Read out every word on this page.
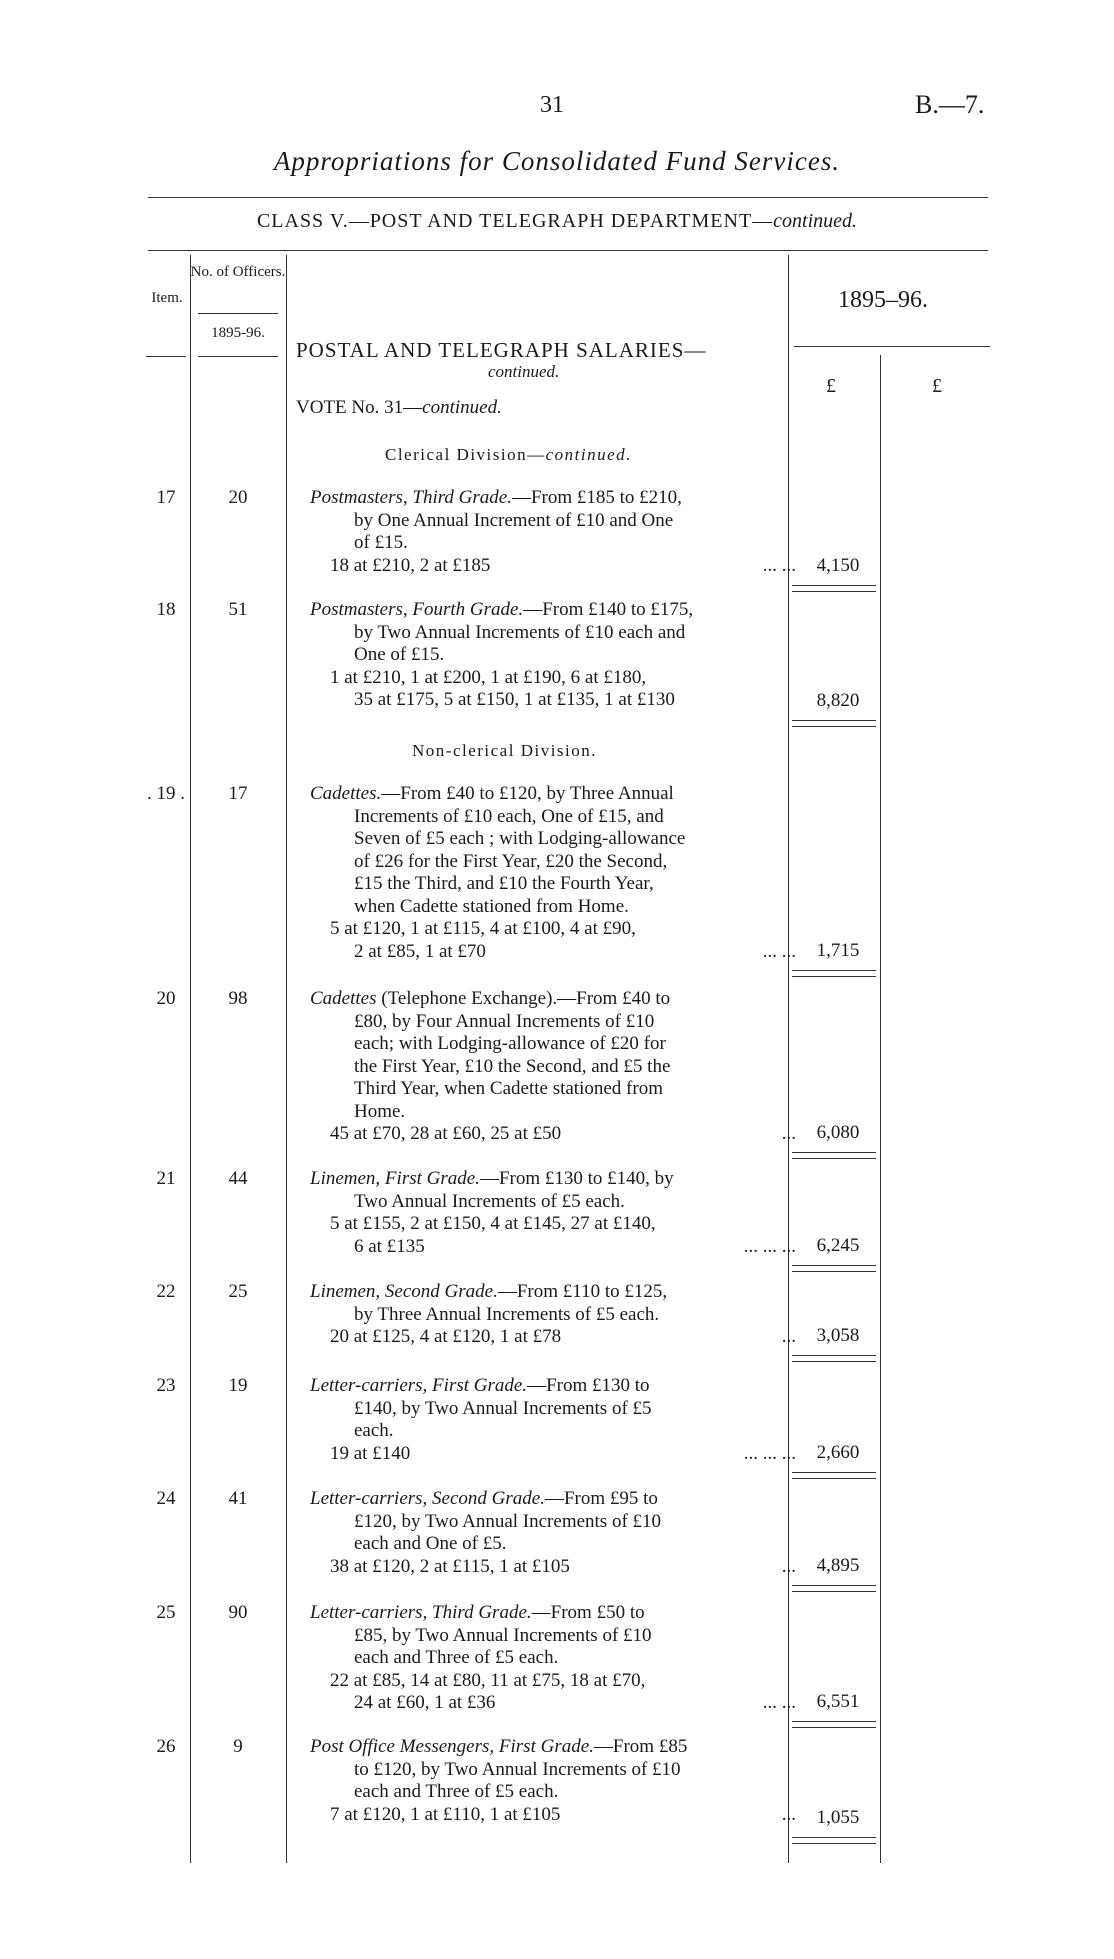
31	B.—7.
Appropriations for Consolidated Fund Services.
CLASS V.—POST AND TELEGRAPH DEPARTMENT—continued.
Item.
No. of Officers.
1895-96.
1895–96.
£	£
POSTAL AND TELEGRAPH SALARIES—
continued.
VOTE No. 31—continued.
Clerical Division—continued.
Non-clerical Division.
17	20	Postmasters, Third Grade.—From £185 to £210,
by One Annual Increment of £10 and One
of £15.
18 at £210, 2 at £185	... ...	4,150
18	51	Postmasters, Fourth Grade.—From £140 to £175,
by Two Annual Increments of £10 each and
One of £15.
1 at £210, 1 at £200, 1 at £190, 6 at £180,
35 at £175, 5 at £150, 1 at £135, 1 at £130	8,820
. 19 .	17	Cadettes.—From £40 to £120, by Three Annual
Increments of £10 each, One of £15, and
Seven of £5 each ; with Lodging-allowance
of £26 for the First Year, £20 the Second,
£15 the Third, and £10 the Fourth Year,
when Cadette stationed from Home.
5 at £120, 1 at £115, 4 at £100, 4 at £90,
2 at £85, 1 at £70	... ...	1,715
20	98	Cadettes (Telephone Exchange).—From £40 to
£80, by Four Annual Increments of £10
each; with Lodging-allowance of £20 for
the First Year, £10 the Second, and £5 the
Third Year, when Cadette stationed from
Home.
45 at £70, 28 at £60, 25 at £50	...	6,080
21	44	Linemen, First Grade.—From £130 to £140, by
Two Annual Increments of £5 each.
5 at £155, 2 at £150, 4 at £145, 27 at £140,
6 at £135	... ... ...	6,245
22	25	Linemen, Second Grade.—From £110 to £125,
by Three Annual Increments of £5 each.
20 at £125, 4 at £120, 1 at £78	...	3,058
23	19	Letter-carriers, First Grade.—From £130 to
£140, by Two Annual Increments of £5
each.
19 at £140	... ... ...	2,660
24	41	Letter-carriers, Second Grade.—From £95 to
£120, by Two Annual Increments of £10
each and One of £5.
38 at £120, 2 at £115, 1 at £105	...	4,895
25	90	Letter-carriers, Third Grade.—From £50 to
£85, by Two Annual Increments of £10
each and Three of £5 each.
22 at £85, 14 at £80, 11 at £75, 18 at £70,
24 at £60, 1 at £36	... ...	6,551
26	9	Post Office Messengers, First Grade.—From £85
to £120, by Two Annual Increments of £10
each and Three of £5 each.
7 at £120, 1 at £110, 1 at £105	...	1,055
